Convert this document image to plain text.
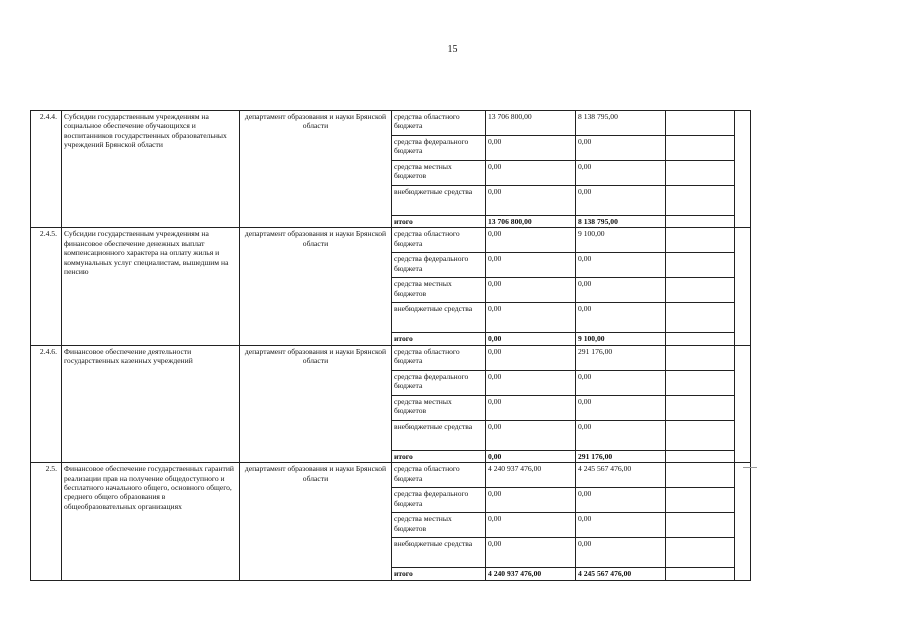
15
2.4.4.	Субсидии государственным учреждениям на социальное обеспечение обучающихся и воспитанников государственных образовательных учреждений Брянской области	департамент образования и науки Брянской области	средства областного бюджета	13 706 800,00	8 138 795,00		
			средства федерального бюджета	0,00	0,00		
			средства местных бюджетов	0,00	0,00		
			внебюджетные средства	0,00	0,00		
			итого	13 706 800,00	8 138 795,00		
2.4.5.	Субсидии государственным учреждениям на финансовое обеспечение денежных выплат компенсационного характера на оплату жилья и коммунальных услуг специалистам, вышедшим на пенсию	департамент образования и науки Брянской области	средства областного бюджета	0,00	9 100,00		
			средства федерального бюджета	0,00	0,00		
			средства местных бюджетов	0,00	0,00		
			внебюджетные средства	0,00	0,00		
			итого	0,00	9 100,00		
2.4.6.	Финансовое обеспечение деятельности государственных казенных учреждений	департамент образования и науки Брянской области	средства областного бюджета	0,00	291 176,00		
			средства федерального бюджета	0,00	0,00		
			средства местных бюджетов	0,00	0,00		
			внебюджетные средства	0,00	0,00		
			итого	0,00	291 176,00		
2.5.	Финансовое обеспечение государственных гарантий реализации прав на получение общедоступного и бесплатного начального общего, основного общего, среднего общего образования в общеобразовательных организациях	департамент образования и науки Брянской области	средства областного бюджета	4 240 937 476,00	4 245 567 476,00		
			средства федерального бюджета	0,00	0,00		
			средства местных бюджетов	0,00	0,00		
			внебюджетные средства	0,00	0,00		
			итого	4 240 937 476,00	4 245 567 476,00		
